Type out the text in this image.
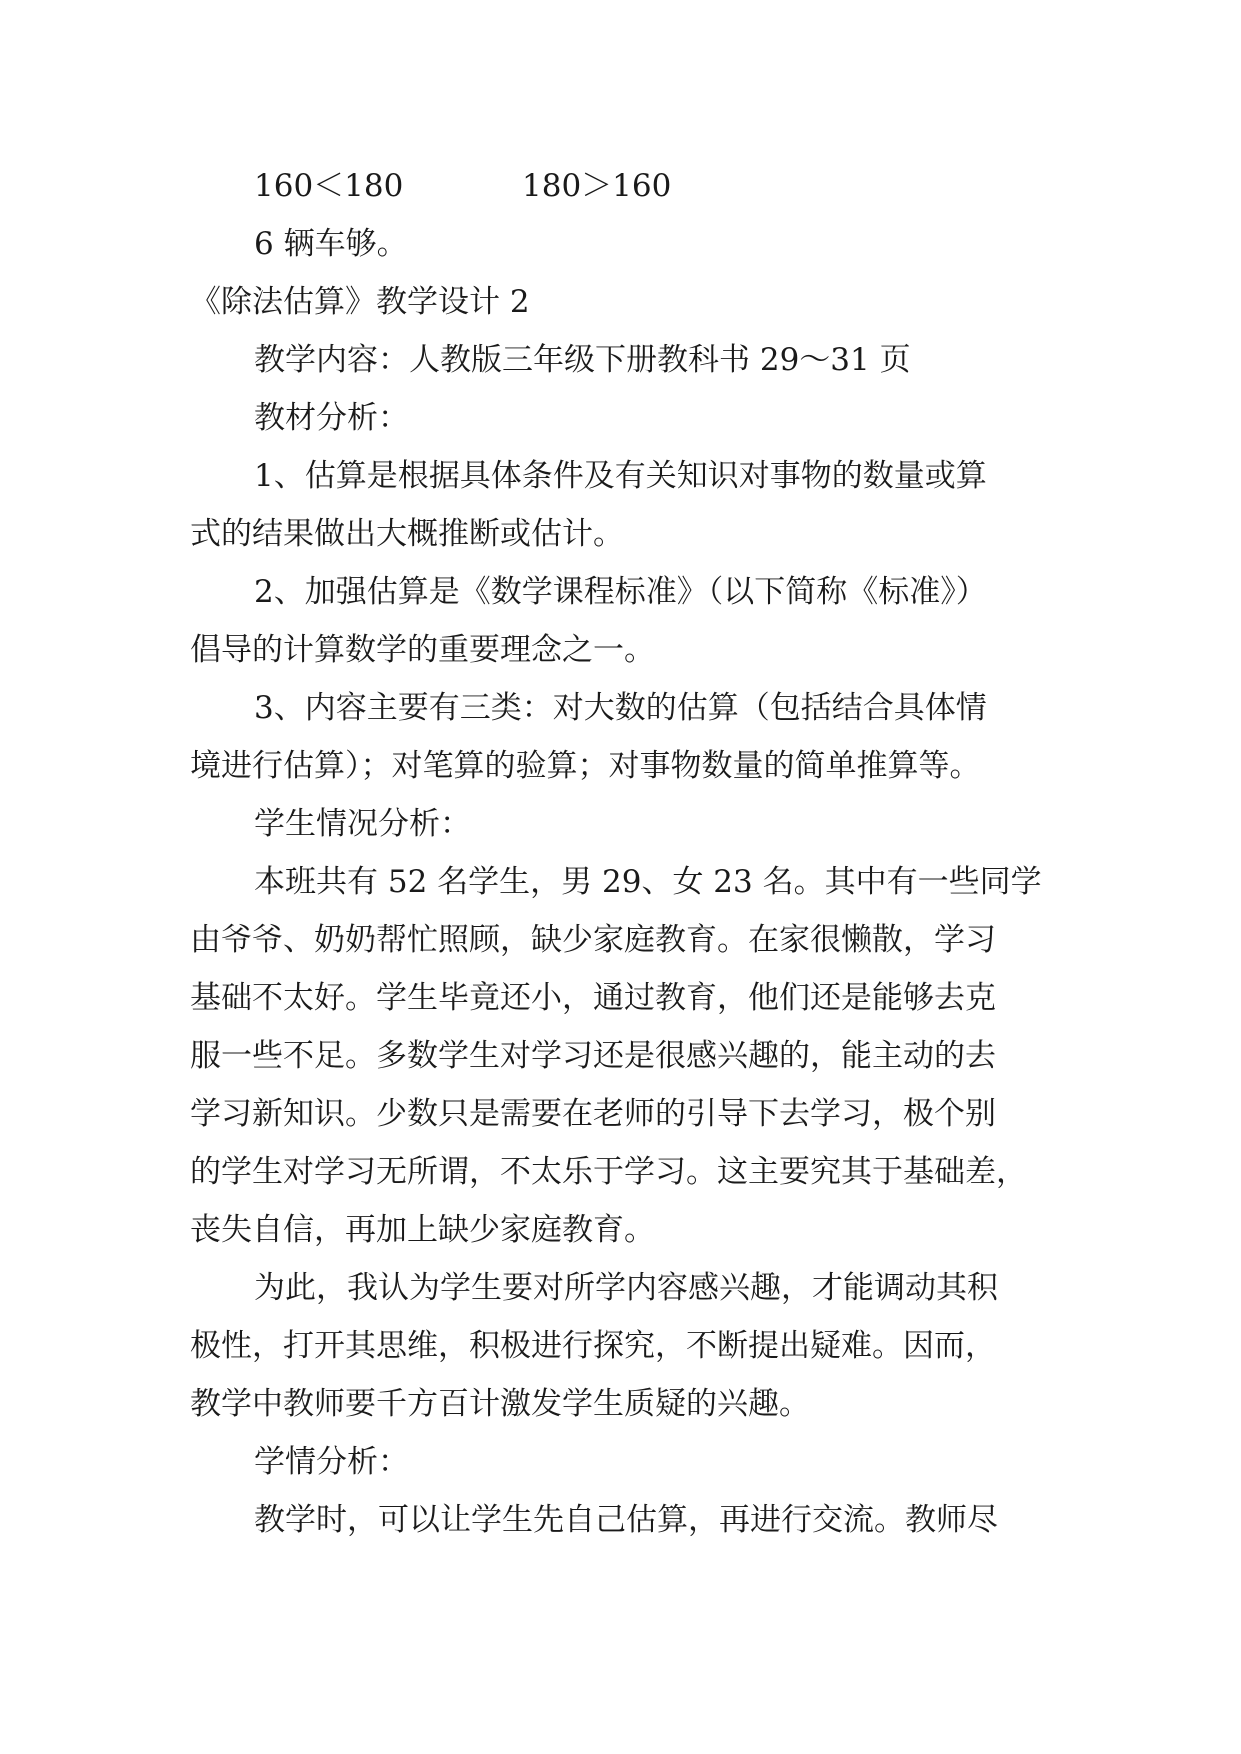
160＜180	180＞160
6 辆车够。
《除法估算》教学设计 2
教学内容：人教版三年级下册教科书 29～31 页
教材分析：
1、估算是根据具体条件及有关知识对事物的数量或算
式的结果做出大概推断或估计。
2、加强估算是《数学课程标准》（以下简称《标准》）
倡导的计算数学的重要理念之一。
3、内容主要有三类：对大数的估算（包括结合具体情
境进行估算）；对笔算的验算；对事物数量的简单推算等。
学生情况分析：
本班共有 52 名学生，男 29、女 23 名。其中有一些同学
由爷爷、奶奶帮忙照顾，缺少家庭教育。在家很懒散，学习
基础不太好。学生毕竟还小，通过教育，他们还是能够去克
服一些不足。多数学生对学习还是很感兴趣的，能主动的去
学习新知识。少数只是需要在老师的引导下去学习，极个别
的学生对学习无所谓，不太乐于学习。这主要究其于基础差，
丧失自信，再加上缺少家庭教育。
为此，我认为学生要对所学内容感兴趣，才能调动其积
极性，打开其思维，积极进行探究，不断提出疑难。因而，
教学中教师要千方百计激发学生质疑的兴趣。
学情分析：
教学时，可以让学生先自己估算，再进行交流。教师尽
